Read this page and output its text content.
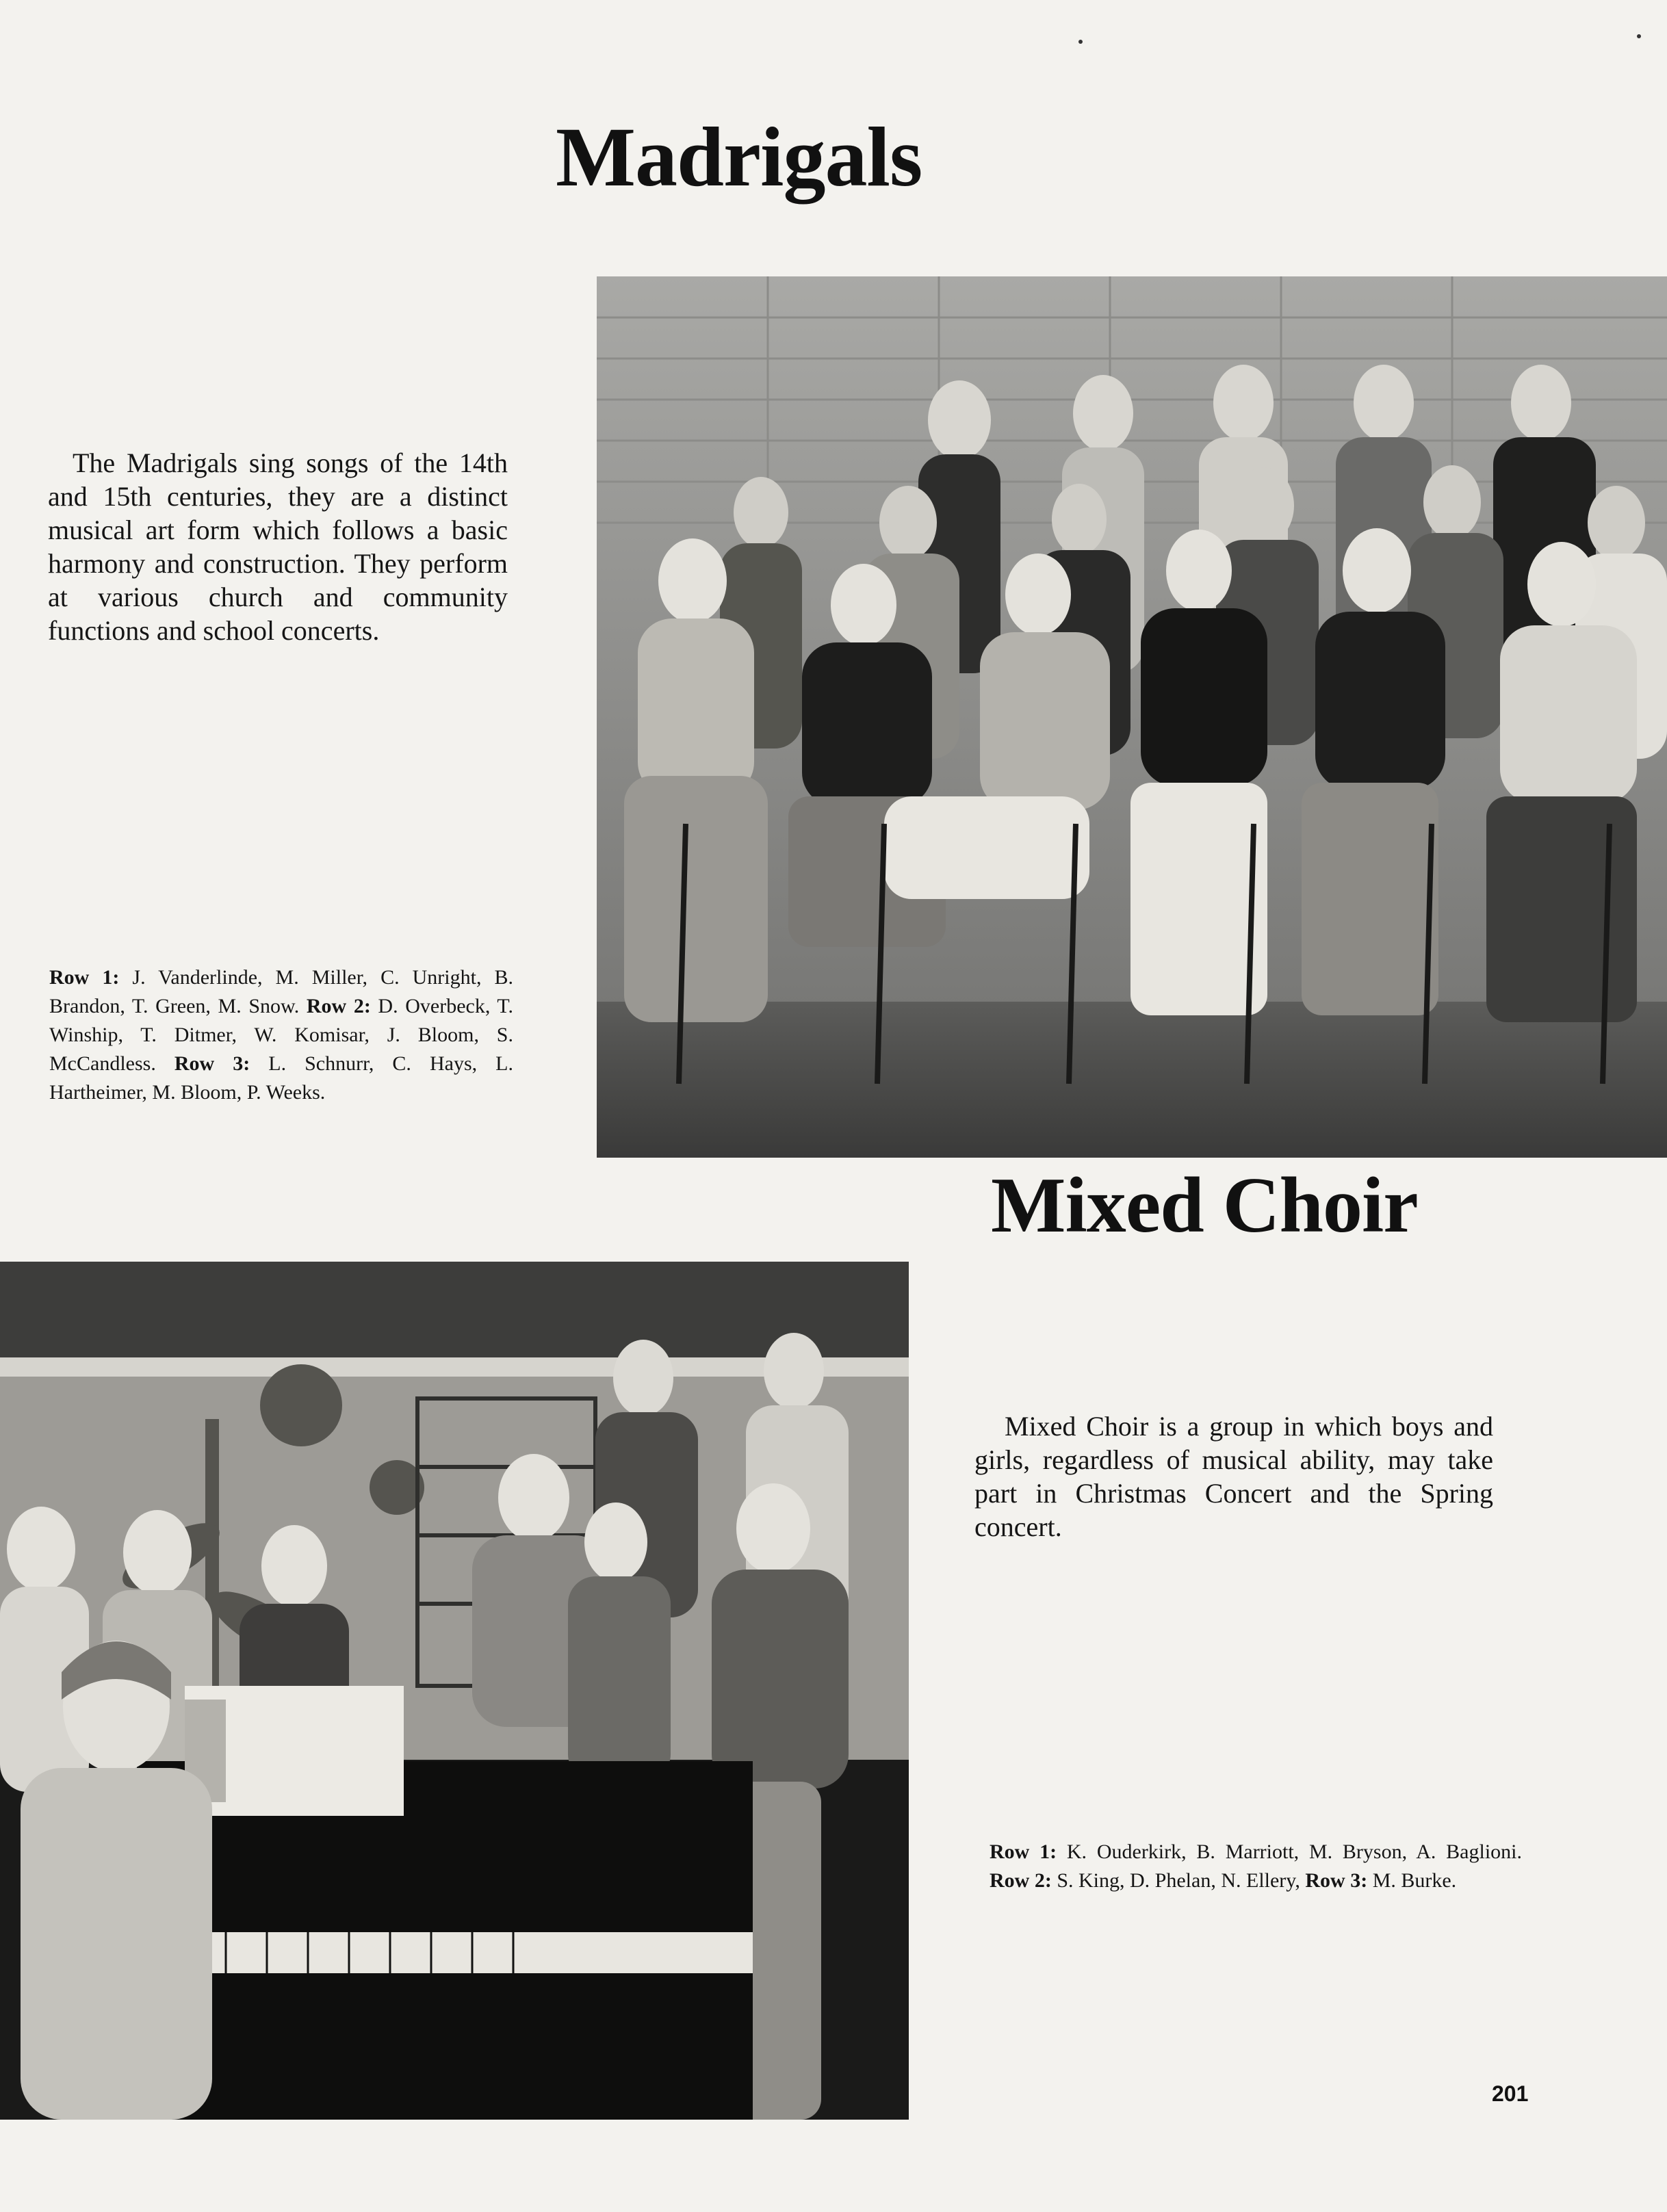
Madrigals

The Madrigals sing songs of the 14th and 15th centuries, they are a distinct musical art form which follows a basic harmony and construction. They perform at various church and community functions and school concerts.

Row 1: J. Vanderlinde, M. Miller, C. Unright, B. Brandon, T. Green, M. Snow. Row 2: D. Overbeck, T. Winship, T. Ditmer, W. Komisar, J. Bloom, S. McCandless. Row 3: L. Schnurr, C. Hays, L. Hartheimer, M. Bloom, P. Weeks.

Mixed Choir

Mixed Choir is a group in which boys and girls, regardless of musical ability, may take part in Christmas Concert and the Spring concert.

Row 1: K. Ouderkirk, B. Marriott, M. Bryson, A. Baglioni. Row 2: S. King, D. Phelan, N. Ellery, Row 3: M. Burke.

201
